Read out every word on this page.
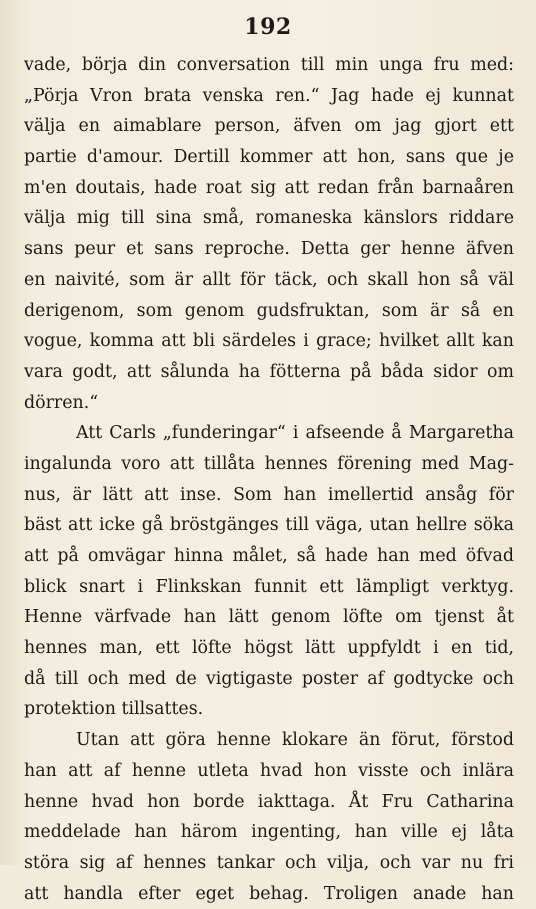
192
vade, börja din conversation till min unga fru med:
„Pörja Vron brata venska ren.“ Jag hade ej kunnat
välja en aimablare person, äfven om jag gjort ett
partie d'amour. Dertill kommer att hon, sans que je
m'en doutais, hade roat sig att redan från barnaåren
välja mig till sina små, romaneska känslors riddare
sans peur et sans reproche. Detta ger henne äfven
en naivité, som är allt för täck, och skall hon så väl
derigenom, som genom gudsfruktan, som är så en
vogue, komma att bli särdeles i grace; hvilket allt kan
vara godt, att sålunda ha fötterna på båda sidor om
dörren.“
Att Carls „funderingar“ i afseende å Margaretha
ingalunda voro att tillåta hennes förening med Mag-
nus, är lätt att inse. Som han imellertid ansåg för
bäst att icke gå bröstgänges till väga, utan hellre söka
att på omvägar hinna målet, så hade han med öfvad
blick snart i Flinkskan funnit ett lämpligt verktyg.
Henne värfvade han lätt genom löfte om tjenst åt
hennes man, ett löfte högst lätt uppfyldt i en tid,
då till och med de vigtigaste poster af godtycke och
protektion tillsattes.
Utan att göra henne klokare än förut, förstod
han att af henne utleta hvad hon visste och inlära
henne hvad hon borde iakttaga. Åt Fru Catharina
meddelade han härom ingenting, han ville ej låta
störa sig af hennes tankar och vilja, och var nu fri
att handla efter eget behag. Troligen anade han
